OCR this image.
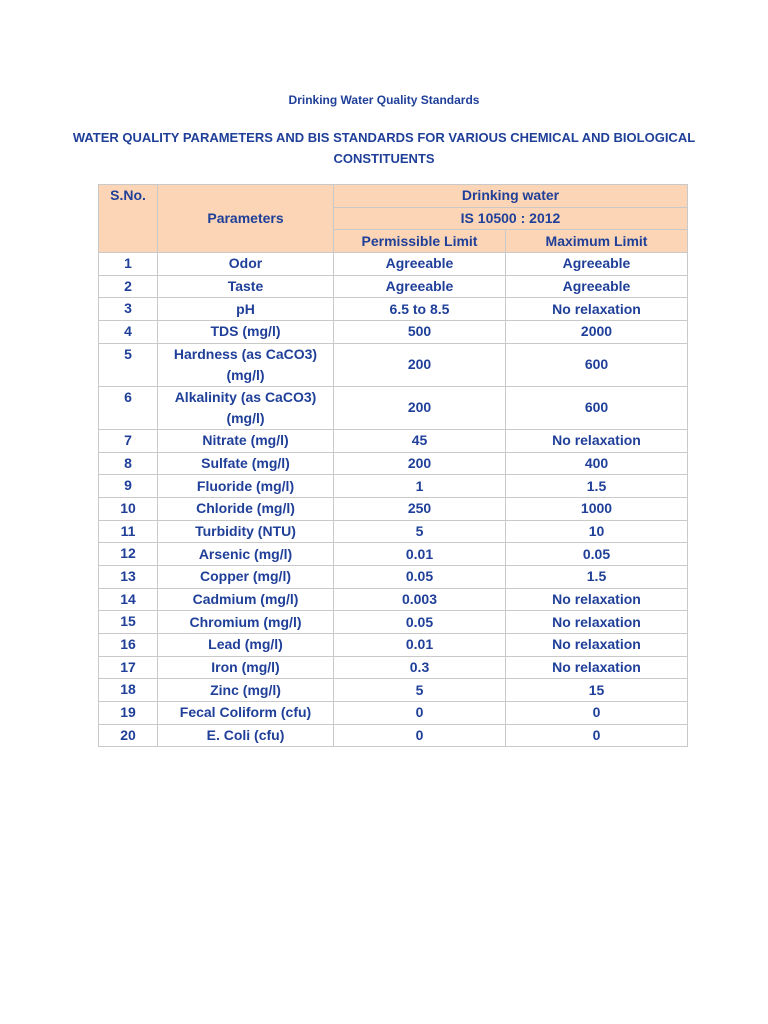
Drinking Water Quality Standards
WATER QUALITY PARAMETERS AND BIS STANDARDS FOR VARIOUS CHEMICAL AND BIOLOGICAL CONSTITUENTS
S.No.	Parameters	Drinking water	
		IS 10500 : 2012	
		Permissible Limit	Maximum Limit
1	Odor	Agreeable	Agreeable
2	Taste	Agreeable	Agreeable
3	pH	6.5 to 8.5	No relaxation
4	TDS (mg/l)	500	2000
5	Hardness (as CaCO3) (mg/l)	200	600
6	Alkalinity (as CaCO3) (mg/l)	200	600
7	Nitrate (mg/l)	45	No relaxation
8	Sulfate (mg/l)	200	400
9	Fluoride (mg/l)	1	1.5
10	Chloride (mg/l)	250	1000
11	Turbidity (NTU)	5	10
12	Arsenic (mg/l)	0.01	0.05
13	Copper (mg/l)	0.05	1.5
14	Cadmium (mg/l)	0.003	No relaxation
15	Chromium (mg/l)	0.05	No relaxation
16	Lead (mg/l)	0.01	No relaxation
17	Iron (mg/l)	0.3	No relaxation
18	Zinc (mg/l)	5	15
19	Fecal Coliform (cfu)	0	0
20	E. Coli (cfu)	0	0
